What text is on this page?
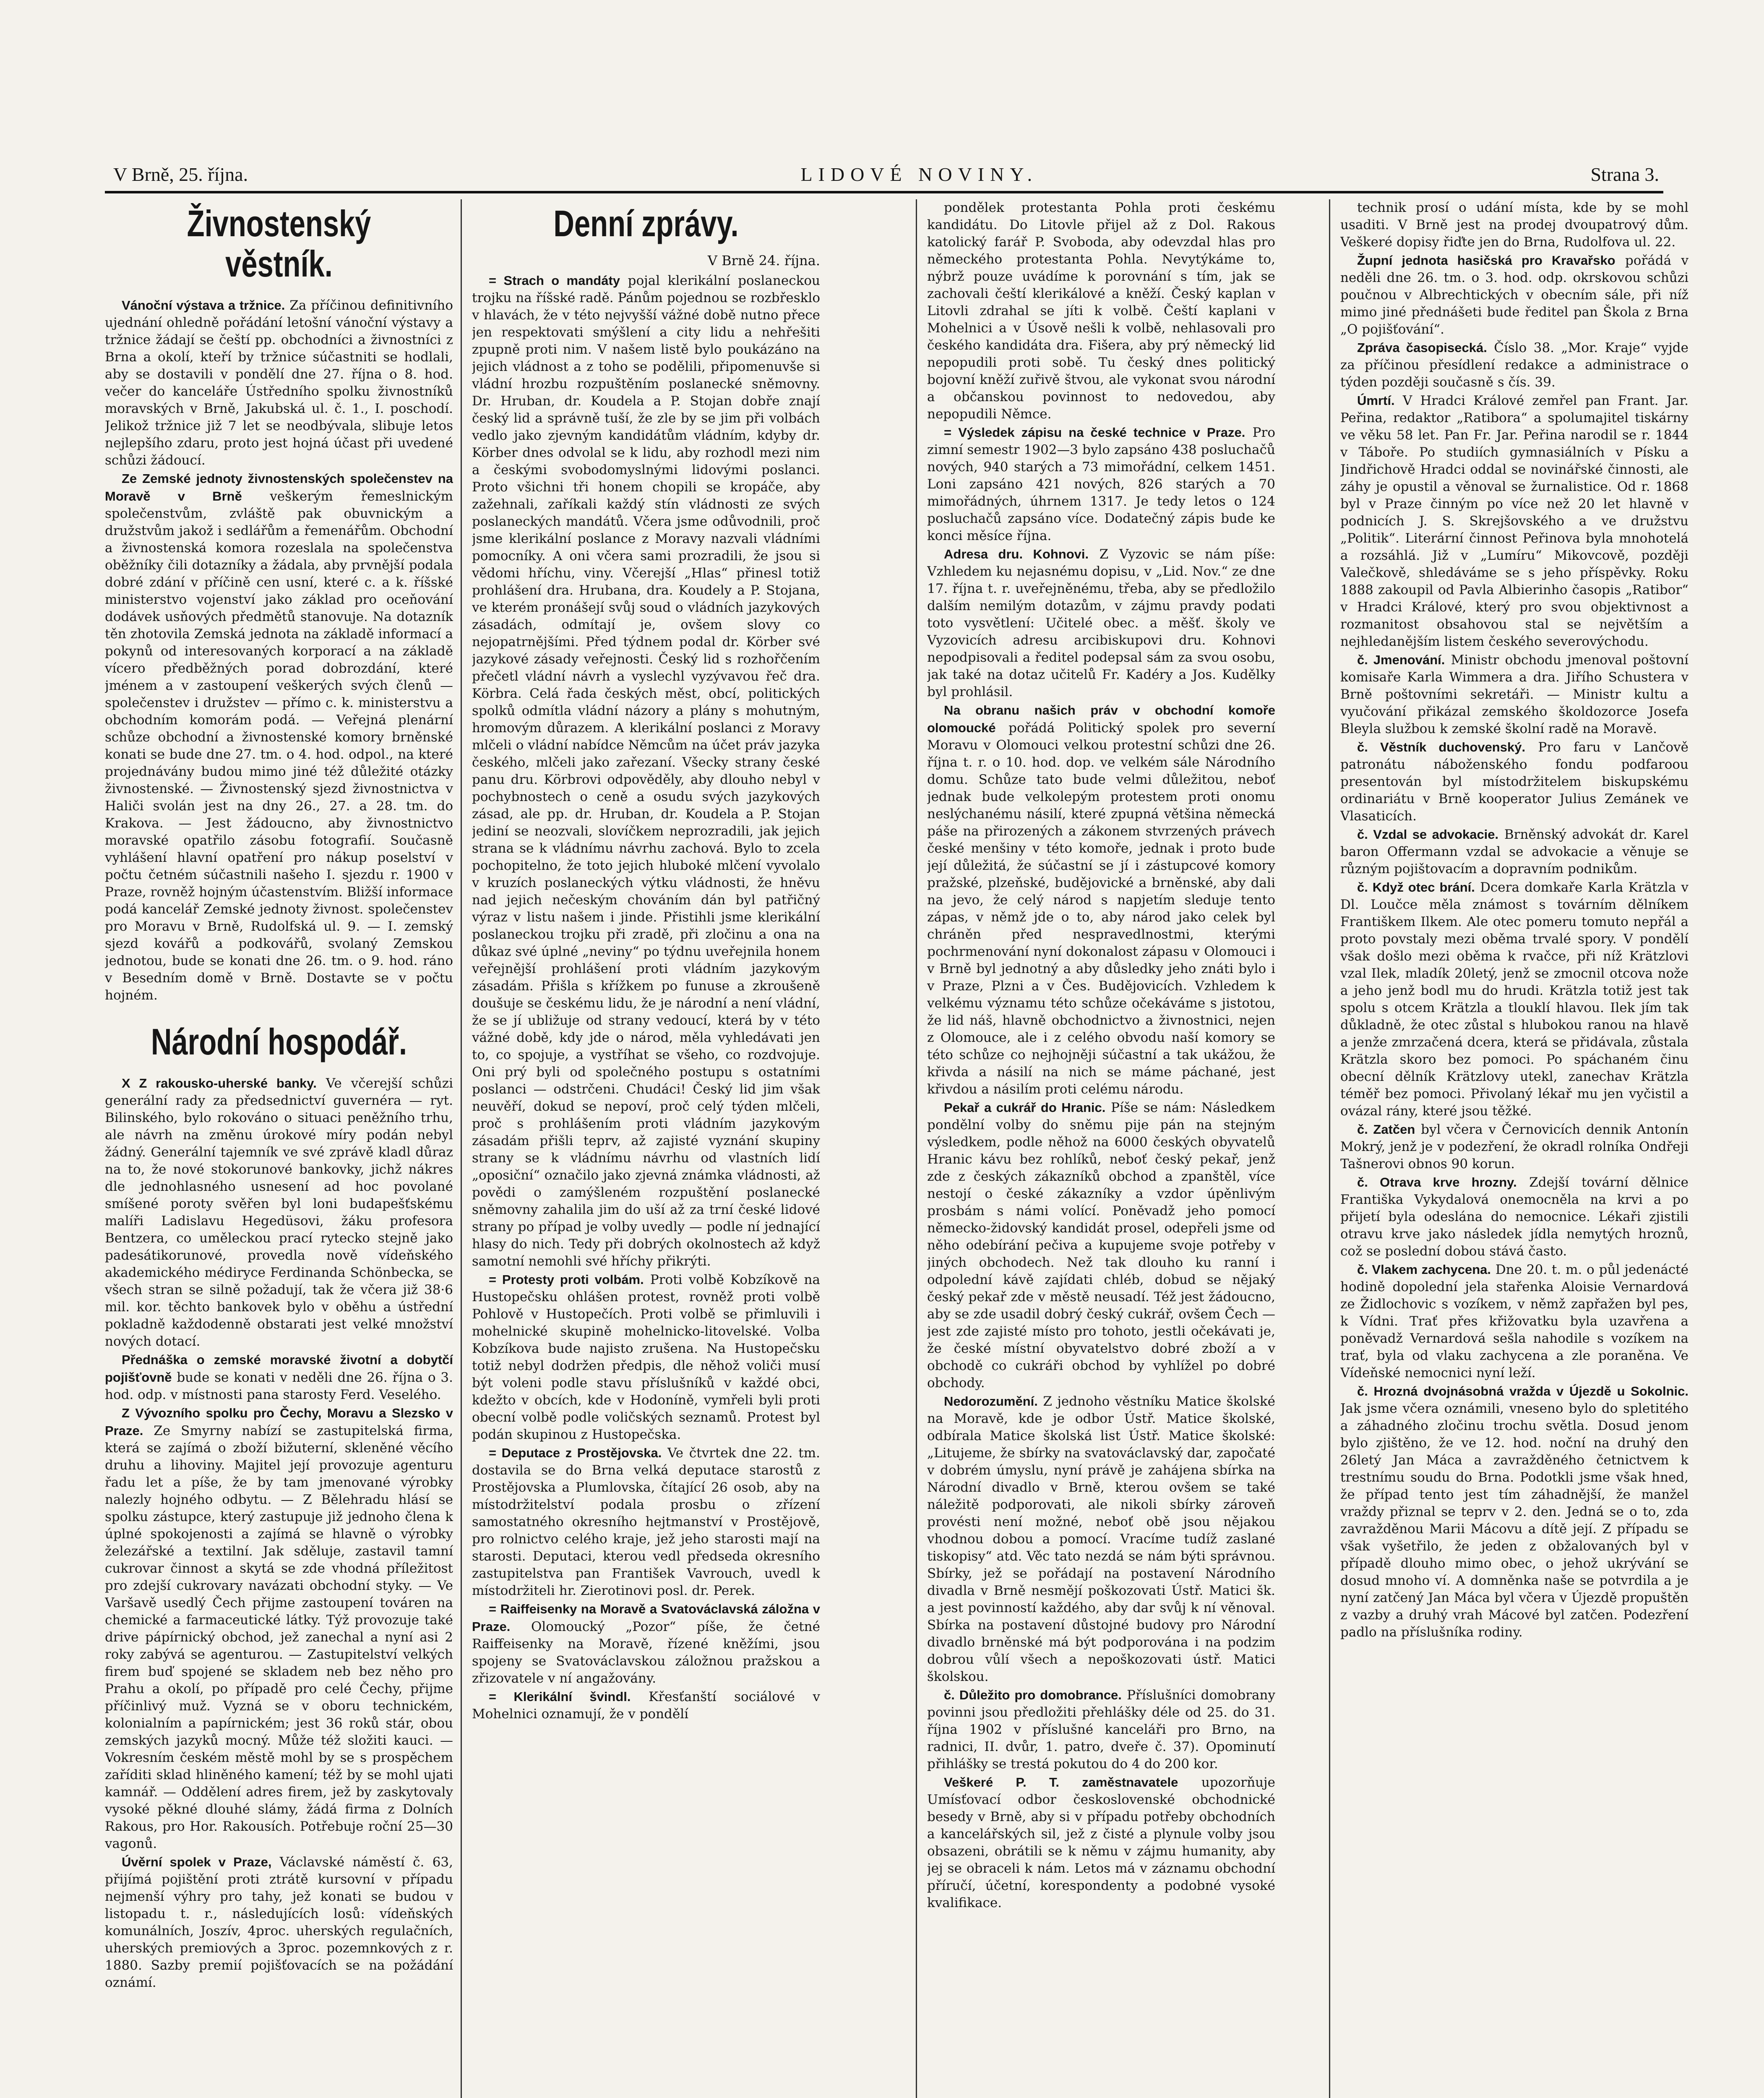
V Brně, 25. října.	LIDOVÉ NOVINY.	Strana 3.
Živnostenský věstník.

Vánoční výstava a tržnice. Za příčinou definitivního ujednání ohledně pořádání letošní vánoční výstavy a tržnice žádají se čeští pp. obchodníci a živnostníci z Brna a okolí, kteří by tržnice súčastniti se hodlali, aby se dostavili v pondělí dne 27. října o 8. hod. večer do kanceláře Ústředního spolku živnostníků moravských v Brně, Jakubská ul. č. 1., I. poschodí. Jelikož tržnice již 7 let se neodbývala, slibuje letos nejlepšího zdaru, proto jest hojná účast při uvedené schůzi žádoucí.

Ze Zemské jednoty živnostenských společenstev na Moravě v Brně veškerým řemeslnickým společenstvům, zvláště pak obuvnickým a družstvům jakož i sedlářům a řemenářům. Obchodní a živnostenská komora rozeslala na společenstva oběžníky čili dotazníky a žádala, aby prvnější podala dobré zdání v příčině cen usní, které c. a k. říšské ministerstvo vojenství jako základ pro oceňování dodávek usňových předmětů stanovuje. Na dotazník těn zhotovila Zemská jednota na základě informací a pokynů od interesovaných korporací a na základě vícero předběžných porad dobrozdání, které jménem a v zastoupení veškerých svých členů — společenstev i družstev — přímo c. k. ministerstvu a obchodním komorám podá. — Veřejná plenární schůze obchodní a živnostenské komory brněnské konati se bude dne 27. tm. o 4. hod. odpol., na které projednávány budou mimo jiné též důležité otázky živnostenské. — Živnostenský sjezd živnostnictva v Haliči svolán jest na dny 26., 27. a 28. tm. do Krakova. — Jest žádoucno, aby živnostnictvo moravské opatřilo zásobu fotografií. Současně vyhlášení hlavní opatření pro nákup poselství v počtu četném súčastnili našeho I. sjezdu r. 1900 v Praze, rovněž hojným účastenstvím. Bližší informace podá kancelář Zemské jednoty živnost. společenstev pro Moravu v Brně, Rudolfská ul. 9. — I. zemský sjezd kovářů a podkovářů, svolaný Zemskou jednotou, bude se konati dne 26. tm. o 9. hod. ráno v Besedním domě v Brně. Dostavte se v počtu hojném.

Národní hospodář.

X Z rakousko-uherské banky. Ve včerejší schůzi generální rady za předsednictví guvernéra — ryt. Bilinského, bylo rokováno o situaci peněžního trhu, ale návrh na změnu úrokové míry podán nebyl žádný. Generální tajemník ve své zprávě kladl důraz na to, že nové stokorunové bankovky, jichž nákres dle jednohlasného usnesení ad hoc povolané smíšené poroty svěřen byl loni budapešťskému malíři Ladislavu Hegedüsovi, žáku profesora Bentzera, co uměleckou prací rytecko stejně jako padesátikorunové, provedla nově vídeňského akademického médiryce Ferdinanda Schönbecka, se všech stran se silně požadují, tak že včera již 38·6 mil. kor. těchto bankovek bylo v oběhu a ústřední pokladně každodenně obstarati jest velké množství nových dotací.

Přednáška o zemské moravské životní a dobytčí pojišťovně bude se konati v neděli dne 26. října o 3. hod. odp. v místnosti pana starosty Ferd. Veselého.

Z Vývozního spolku pro Čechy, Moravu a Slezsko v Praze. Ze Smyrny nabízí se zastupitelská firma, která se zajímá o zboží bižuterní, skleněné věcího druhu a lihoviny. Majitel její provozuje agenturu řadu let a píše, že by tam jmenované výrobky nalezly hojného odbytu. — Z Bělehradu hlásí se spolku zástupce, který zastupuje již jednoho člena k úplné spokojenosti a zajímá se hlavně o výrobky železářské a textilní. Jak sděluje, zastavil tamní cukrovar činnost a skytá se zde vhodná příležitost pro zdejší cukrovary navázati obchodní styky. — Ve Varšavě usedlý Čech přijme zastoupení továren na chemické a farmaceutické látky. Týž provozuje také drive pápírnický obchod, jež zanechal a nyní asi 2 roky zabývá se agenturou. — Zastupitelství velkých firem buď spojené se skladem neb bez něho pro Prahu a okolí, po případě pro celé Čechy, přijme příčinlivý muž. Vyzná se v oboru technickém, kolonialním a papírnickém; jest 36 roků stár, obou zemských jazyků mocný. Může též složiti kauci. — Vokresním českém městě mohl by se s prospěchem zaříditi sklad hliněného kamení; též by se mohl ujati kamnář. — Oddělení adres firem, jež by zaskytovaly vysoké pěkné dlouhé slámy, žádá firma z Dolních Rakous, pro Hor. Rakousích. Potřebuje roční 25—30 vagonů.

Úvěrní spolek v Praze, Václavské náměstí č. 63, přijímá pojištění proti ztrátě kursovní v případu nejmenší výhry pro tahy, jež konati se budou v listopadu t. r., následujících losů: vídeňských komunálních, Joszív, 4proc. uherských regulačních, uherských premiových a 3proc. pozemnkových z r. 1880. Sazby premií pojišťovacích se na požádání oznámí.

Denní zprávy.
V Brně 24. října.

= Strach o mandáty pojal klerikální poslaneckou trojku na říšské radě. Pánům pojednou se rozbřesklo v hlavách, že v této nejvyšší vážné době nutno přece jen respektovati smýšlení a city lidu a nehřešiti zpupně proti nim. V našem listě bylo poukázáno na jejich vládnost a z toho se podělili, připomenuvše si vládní hrozbu rozpuštěním poslanecké sněmovny. Dr. Hruban, dr. Koudela a P. Stojan dobře znají český lid a správně tuší, že zle by se jim při volbách vedlo jako zjevným kandidátům vládním, kdyby dr. Körber dnes odvolal se k lidu, aby rozhodl mezi nim a českými svobodomyslnými lidovými poslanci. Proto všichni tři honem chopili se kropáče, aby zažehnali, zaříkali každý stín vládnosti ze svých poslaneckých mandátů. Včera jsme odůvodnili, proč jsme klerikální poslance z Moravy nazvali vládními pomocníky. A oni včera sami prozradili, že jsou si vědomi hříchu, viny. Včerejší „Hlas“ přinesl totiž prohlášení dra. Hrubana, dra. Koudely a P. Stojana, ve kterém pronášejí svůj soud o vládních jazykových zásadách, odmítají je, ovšem slovy co nejopatrnějšími. Před týdnem podal dr. Körber své jazykové zásady veřejnosti. Český lid s rozhořčením přečetl vládní návrh a vyslechl vyzývavou řeč dra. Körbra. Celá řada českých měst, obcí, politických spolků odmítla vládní názory a plány s mohutným, hromovým důrazem. A klerikální poslanci z Moravy mlčeli o vládní nabídce Němcům na účet práv jazyka českého, mlčeli jako zařezaní. Všecky strany české panu dru. Körbrovi odpověděly, aby dlouho nebyl v pochybnostech o ceně a osudu svých jazykových zásad, ale pp. dr. Hruban, dr. Koudela a P. Stojan jediní se neozvali, slovíčkem neprozradili, jak jejich strana se k vládnímu návrhu zachová. Bylo to zcela pochopitelno, že toto jejich hluboké mlčení vyvolalo v kruzích poslaneckých výtku vládnosti, že hněvu nad jejich nečeským chováním dán byl patřičný výraz v listu našem i jinde. Přistihli jsme klerikální poslaneckou trojku při zradě, při zločinu a ona na důkaz své úplné „neviny“ po týdnu uveřejnila honem veřejnější prohlášení proti vládním jazykovým zásadám. Přišla s křížkem po funuse a zkroušeně doušuje se českému lidu, že je národní a není vládní, že se jí ubližuje od strany vedoucí, která by v této vážné době, kdy jde o národ, měla vyhledávati jen to, co spojuje, a vystříhat se všeho, co rozdvojuje. Oni prý byli od společného postupu s ostatními poslanci — odstrčeni. Chudáci! Český lid jim však neuvěří, dokud se nepoví, proč celý týden mlčeli, proč s prohlášením proti vládním jazykovým zásadám přišli teprv, až zajisté vyznání skupiny strany se k vládnímu návrhu od vlastních lidí „oposiční“ označilo jako zjevná známka vládnosti, až povědi o zamýšleném rozpuštění poslanecké sněmovny zahalila jim do uší až za trní české lidové strany po případ je volby uvedly — podle ní jednající hlasy do nich. Tedy při dobrých okolnostech až když samotní nemohli své hříchy přikrýti.

= Protesty proti volbám. Proti volbě Kobzíkově na Hustopečsku ohlášen protest, rovněž proti volbě Pohlově v Hustopečích. Proti volbě se přimluvili i mohelnické skupině mohelnicko-litovelské. Volba Kobzíkova bude najisto zrušena. Na Hustopečsku totiž nebyl dodržen předpis, dle něhož voliči musí být voleni podle stavu příslušníků v každé obci, kdežto v obcích, kde v Hodoníně, vymřeli byli proti obecní volbě podle voličských seznamů. Protest byl podán skupinou z Hustopečska.

= Deputace z Prostějovska. Ve čtvrtek dne 22. tm. dostavila se do Brna velká deputace starostů z Prostějovska a Plumlovska, čítající 26 osob, aby na místodržitelství podala prosbu o zřízení samostatného okresního hejtmanství v Prostějově, pro rolnictvo celého kraje, jež jeho starosti mají na starosti. Deputaci, kterou vedl předseda okresního zastupitelstva pan František Vavrouch, uvedl k místodržiteli hr. Zierotinovi posl. dr. Perek.

= Raiffeisenky na Moravě a Svatováclavská záložna v Praze. Olomoucký „Pozor“ píše, že četné Raiffeisenky na Moravě, řízené kněžími, jsou spojeny se Svatováclavskou záložnou pražskou a zřizovatele v ní angažovány.

= Klerikální švindl. Křesťanští sociálové v Mohelnici oznamují, že v pondělí

pondělek protestanta Pohla proti českému kandidátu. Do Litovle přijel až z Dol. Rakous katolický farář P. Svoboda, aby odevzdal hlas pro německého protestanta Pohla. Nevytýkáme to, nýbrž pouze uvádíme k porovnání s tím, jak se zachovali čeští klerikálové a kněží. Český kaplan v Litovli zdrahal se jíti k volbě. Čeští kaplani v Mohelnici a v Úsově nešli k volbě, nehlasovali pro českého kandidáta dra. Fišera, aby prý německý lid nepopudili proti sobě. Tu český dnes politický bojovní kněží zuřivě štvou, ale vykonat svou národní a občanskou povinnost to nedovedou, aby nepopudili Němce.

= Výsledek zápisu na české technice v Praze. Pro zimní semestr 1902—3 bylo zapsáno 438 posluchačů nových, 940 starých a 73 mimořádní, celkem 1451. Loni zapsáno 421 nových, 826 starých a 70 mimořádných, úhrnem 1317. Je tedy letos o 124 posluchačů zapsáno více. Dodatečný zápis bude ke konci měsíce října.

Adresa dru. Kohnovi. Z Vyzovic se nám píše: Vzhledem ku nejasnému dopisu, v „Lid. Nov.“ ze dne 17. října t. r. uveřejněnému, třeba, aby se předložilo dalším nemilým dotazům, v zájmu pravdy podati toto vysvětlení: Učitelé obec. a měšť. školy ve Vyzovicích adresu arcibiskupovi dru. Kohnovi nepodpisovali a ředitel podepsal sám za svou osobu, jak také na dotaz učitelů Fr. Kadéry a Jos. Kudělky byl prohlásil.

Na obranu našich práv v obchodní komoře olomoucké pořádá Politický spolek pro severní Moravu v Olomouci velkou protestní schůzi dne 26. října t. r. o 10. hod. dop. ve velkém sále Národního domu. Schůze tato bude velmi důležitou, neboť jednak bude velkolepým protestem proti onomu neslýchanému násilí, které zpupná většina německá páše na přirozených a zákonem stvrzených právech české menšiny v této komoře, jednak i proto bude její důležitá, že súčastní se jí i zástupcové komory pražské, plzeňské, budějovické a brněnské, aby dali na jevo, že celý národ s napjetím sleduje tento zápas, v němž jde o to, aby národ jako celek byl chráněn před nespravedlnostmi, kterými pochrmenování nyní dokonalost zápasu v Olomouci i v Brně byl jednotný a aby důsledky jeho znáti bylo i v Praze, Plzni a v Čes. Budějovicích. Vzhledem k velkému významu této schůze očekáváme s jistotou, že lid náš, hlavně obchodnictvo a živnostnici, nejen z Olomouce, ale i z celého obvodu naší komory se této schůze co nejhojněji súčastní a tak ukážou, že křivda a násilí na nich se máme páchané, jest křivdou a násilím proti celému národu.

Pekař a cukrář do Hranic. Píše se nám: Následkem pondělní volby do sněmu pije pán na stejným výsledkem, podle něhož na 6000 českých obyvatelů Hranic kávu bez rohlíků, neboť český pekař, jenž zde z českých zákazníků obchod a zpanštěl, více nestojí o české zákazníky a vzdor úpěnlivým prosbám s námi volící. Poněvadž jeho pomocí německo-židovský kandidát prosel, odepřeli jsme od něho odebírání pečiva a kupujeme svoje potřeby v jiných obchodech. Než tak dlouho ku ranní i odpolední kávě zajídati chléb, dobud se nějaký český pekař zde v městě neusadí. Též jest žádoucno, aby se zde usadil dobrý český cukrář, ovšem Čech — jest zde zajisté místo pro tohoto, jestli očekávati je, že české místní obyvatelstvo dobré zboží a v obchodě co cukráři obchod by vyhlížel po dobré obchody.

Nedorozumění. Z jednoho věstníku Matice školské na Moravě, kde je odbor Ústř. Matice školské, odbírala Matice školská list Ústř. Matice školské: „Litujeme, že sbírky na svatováclavský dar, započaté v dobrém úmyslu, nyní právě je zahájena sbírka na Národní divadlo v Brně, kterou ovšem se také náležitě podporovati, ale nikoli sbírky zároveň provésti není možné, neboť obě jsou nějakou vhodnou dobou a pomocí. Vracíme tudíž zaslané tiskopisy“ atd. Věc tato nezdá se nám býti správnou. Sbírky, jež se pořádají na postavení Národního divadla v Brně nesmějí poškozovati Ústř. Matici šk. a jest povinností každého, aby dar svůj k ní věnoval. Sbírka na postavení důstojné budovy pro Národní divadlo brněnské má být podporována i na podzim dobrou vůlí všech a nepoškozovati ústř. Matici školskou.

č. Důležito pro domobrance. Příslušníci domobrany povinni jsou předložiti přehlášky déle od 25. do 31. října 1902 v příslušné kanceláři pro Brno, na radnici, II. dvůr, 1. patro, dveře č. 37). Opominutí přihlášky se trestá pokutou do 4 do 200 kor.

Veškeré P. T. zaměstnavatele upozorňuje Umísťovací odbor československé obchodnické besedy v Brně, aby si v případu potřeby obchodních a kancelářských sil, jež z čisté a plynule volby jsou obsazeni, obrátili se k němu v zájmu humanity, aby jej se obraceli k nám. Letos má v záznamu obchodní příručí, účetní, korespondenty a podobné vysoké kvalifikace.

technik prosí o udání místa, kde by se mohl usaditi. V Brně jest na prodej dvoupatrový dům. Veškeré dopisy řiďte jen do Brna, Rudolfova ul. 22.

Župní jednota hasičská pro Kravařsko pořádá v neděli dne 26. tm. o 3. hod. odp. okrskovou schůzi poučnou v Albrechtických v obecním sále, při níž mimo jiné přednášeti bude ředitel pan Škola z Brna „O pojišťování“.

Zpráva časopisecká. Číslo 38. „Mor. Kraje“ vyjde za příčinou přesídlení redakce a administrace o týden později současně s čís. 39.

Úmrtí. V Hradci Králové zemřel pan Frant. Jar. Peřina, redaktor „Ratibora“ a spolumajitel tiskárny ve věku 58 let. Pan Fr. Jar. Peřina narodil se r. 1844 v Táboře. Po studiích gymnasiálních v Písku a Jindřichově Hradci oddal se novinářské činnosti, ale záhy je opustil a věnoval se žurnalistice. Od r. 1868 byl v Praze činným po více než 20 let hlavně v podnicích J. S. Skrejšovského a ve družstvu „Politik“. Literární činnost Peřinova byla mnohotelá a rozsáhlá. Již v „Lumíru“ Mikovcově, později Valečkově, shledáváme se s jeho příspěvky. Roku 1888 zakoupil od Pavla Albierinho časopis „Ratibor“ v Hradci Králové, který pro svou objektivnost a rozmanitost obsahovou stal se největším a nejhledanějším listem českého severovýchodu.

č. Jmenování. Ministr obchodu jmenoval poštovní komisaře Karla Wimmera a dra. Jiřího Schustera v Brně poštovními sekretáři. — Ministr kultu a vyučování přikázal zemského školdozorce Josefa Bleyla službou k zemské školní radě na Moravě.

č. Věstník duchovenský. Pro faru v Lančově patronátu náboženského fondu podfaroou presentován byl místodržitelem biskupskému ordinariátu v Brně kooperator Julius Zemánek ve Vlasaticích.

č. Vzdal se advokacie. Brněnský advokát dr. Karel baron Offermann vzdal se advokacie a věnuje se různým pojištovacím a dopravním podnikům.

č. Když otec brání. Dcera domkaře Karla Krätzla v Dl. Loučce měla známost s továrním dělníkem Františkem Ilkem. Ale otec pomeru tomuto nepřál a proto povstaly mezi oběma trvalé spory. V pondělí však došlo mezi oběma k rvačce, při níž Krätzlovi vzal Ilek, mladík 20letý, jenž se zmocnil otcova nože a jeho jenž bodl mu do hrudi. Krätzla totiž jest tak spolu s otcem Krätzla a tlouklí hlavou. Ilek jím tak důkladně, že otec zůstal s hlubokou ranou na hlavě a jenže zmrzačená dcera, která se přidávala, zůstala Krätzla skoro bez pomoci. Po spáchaném činu obecní dělník Krätzlovy utekl, zanechav Krätzla téměř bez pomoci. Přivolaný lékař mu jen vyčistil a ovázal rány, které jsou těžké.

č. Zatčen byl včera v Černovicích dennik Antonín Mokrý, jenž je v podezření, že okradl rolníka Ondřeji Tašnerovi obnos 90 korun.

č. Otrava krve hrozny. Zdejší tovární dělnice Františka Vykydalová onemocněla na krvi a po přijetí byla odeslána do nemocnice. Lékaři zjistili otravu krve jako následek jídla nemytých hroznů, což se poslední dobou stává často.

č. Vlakem zachycena. Dne 20. t. m. o půl jedenácté hodině dopolední jela stařenka Aloisie Vernardová ze Židlochovic s vozíkem, v němž zapřažen byl pes, k Vídni. Trať přes křižovatku byla uzavřena a poněvadž Vernardová sešla nahodile s vozíkem na trať, byla od vlaku zachycena a zle poraněna. Ve Vídeňské nemocnici nyní leží.

č. Hrozná dvojnásobná vražda v Újezdě u Sokolnic. Jak jsme včera oznámili, vneseno bylo do spletitého a záhadného zločinu trochu světla. Dosud jenom bylo zjištěno, že ve 12. hod. noční na druhý den 26letý Jan Máca a zavražděného četnictvem k trestnímu soudu do Brna. Podotkli jsme však hned, že případ tento jest tím záhadnější, že manžel vraždy přiznal se teprv v 2. den. Jedná se o to, zda zavražděnou Marii Mácovu a dítě její. Z případu se však vyšetřilo, že jeden z obžalovaných byl v případě dlouho mimo obec, o jehož ukrývání se dosud mnoho ví. A domněnka naše se potvrdila a je nyní zatčený Jan Máca byl včera v Újezdě propuštěn z vazby a druhý vrah Mácové byl zatčen. Podezření padlo na příslušníka rodiny.
